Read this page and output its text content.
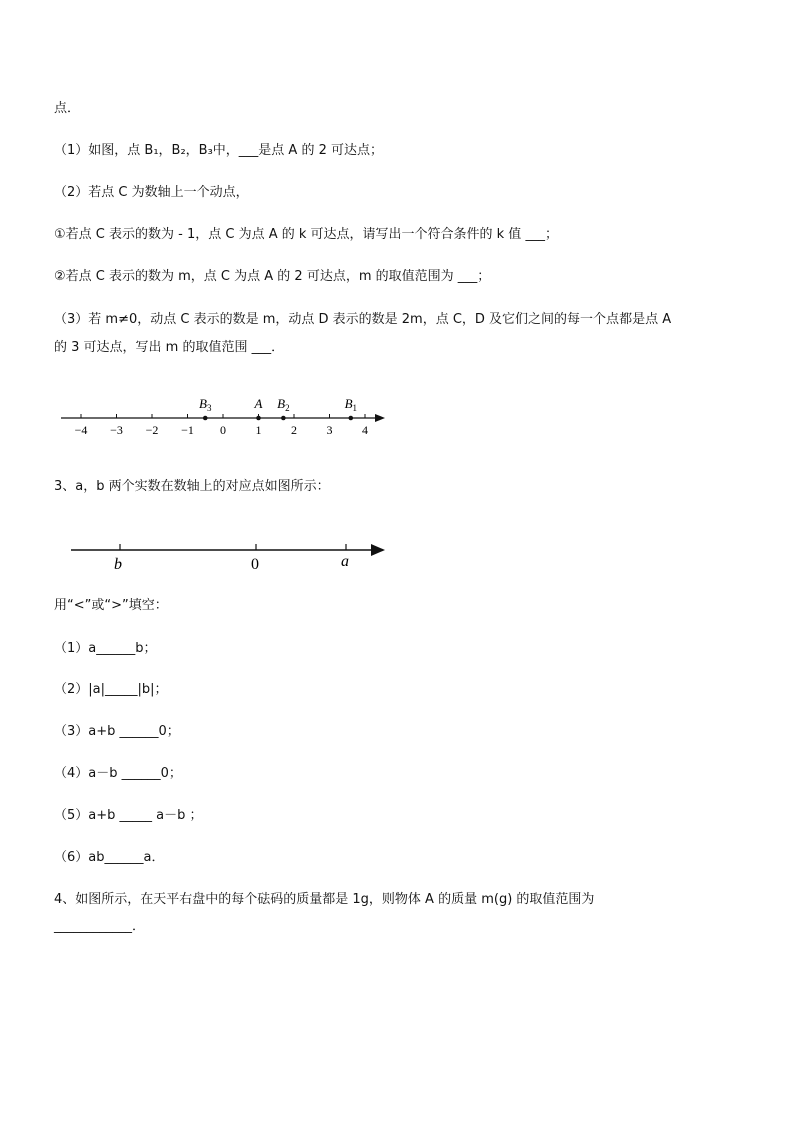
点．
（1）如图，点 B₁，B₂，B₃中，___是点 A 的 2 可达点；
（2）若点 C 为数轴上一个动点，
①若点 C 表示的数为 - 1，点 C 为点 A 的 k 可达点，请写出一个符合条件的 k 值 ___；
②若点 C 表示的数为 m，点 C 为点 A 的 2 可达点，m 的取值范围为 ___；
（3）若 m≠0，动点 C 表示的数是 m，动点 D 表示的数是 2m，点 C，D 及它们之间的每一个点都是点 A
的 3 可达点，写出 m 的取值范围 ___．
−4 −3 −2 −1 0 1 2 3 4
$B_3$	A $B_2$	$B_1$
3、a，b 两个实数在数轴上的对应点如图所示：
b	0	a
用“<”或“>”填空：
（1）a______b；
（2）|a|_____|b|；
（3）a+b ______0；
（4）a－b ______0；
（5）a+b _____ a－b ；
（6）ab______a．
4、如图所示，在天平右盘中的每个砝码的质量都是 1g，则物体 A 的质量 m(g) 的取值范围为
____________．
